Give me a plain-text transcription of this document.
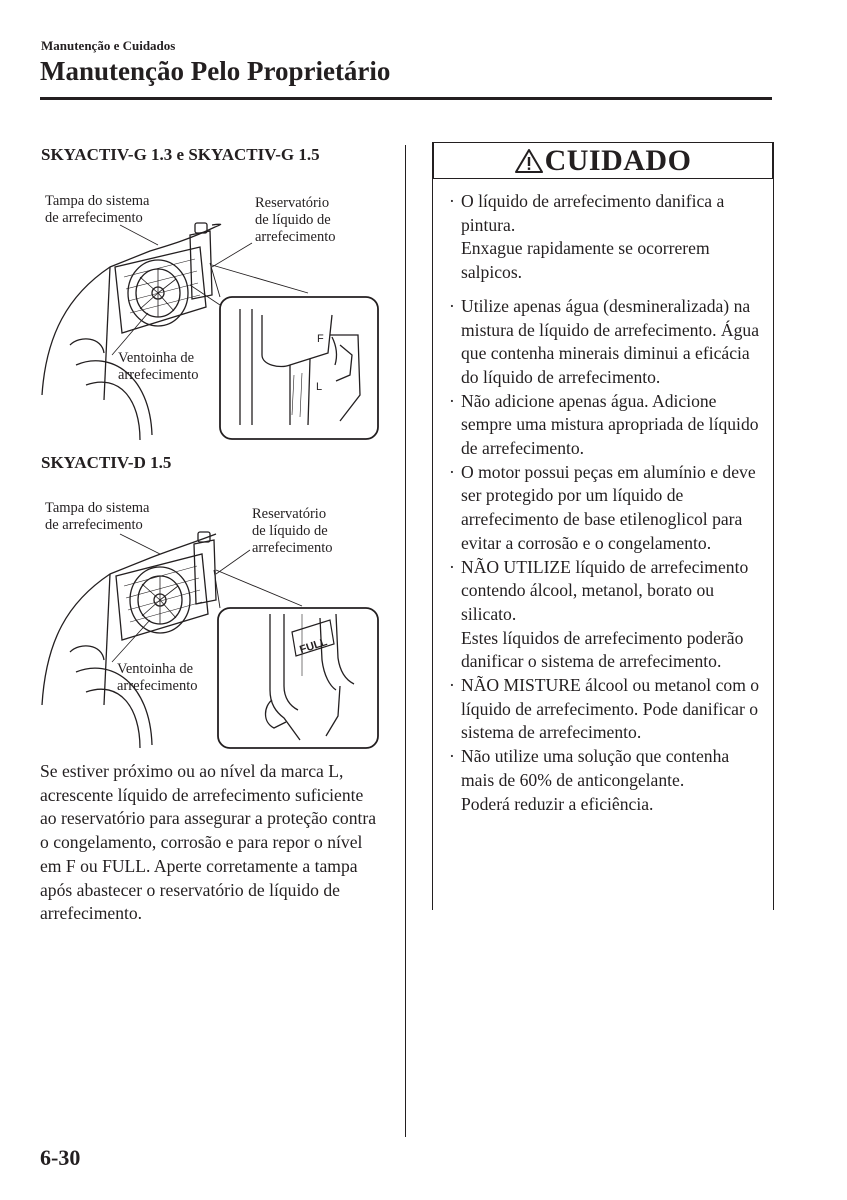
Manutenção e Cuidados
Manutenção Pelo Proprietário
SKYACTIV-G 1.3 e SKYACTIV-G 1.5
F
L
Tampa do sistema
de arrefecimento
Reservatório
de líquido de
arrefecimento
Ventoinha de
arrefecimento
SKYACTIV-D 1.5
FULL
Tampa do sistema
de arrefecimento
Reservatório
de líquido de
arrefecimento
Ventoinha de
arrefecimento

Se estiver próximo ou ao nível da marca L, acrescente líquido de arrefecimento suficiente ao reservatório para assegurar a proteção contra o congelamento, corrosão e para repor o nível em F ou FULL. Aperte corretamente a tampa após abastecer o reservatório de líquido de arrefecimento.

CUIDADO
· O líquido de arrefecimento danifica a pintura.
Enxague rapidamente se ocorrerem salpicos.
· Utilize apenas água (desmineralizada) na mistura de líquido de arrefecimento. Água que contenha minerais diminui a eficácia do líquido de arrefecimento.
· Não adicione apenas água. Adicione sempre uma mistura apropriada de líquido de arrefecimento.
· O motor possui peças em alumínio e deve ser protegido por um líquido de arrefecimento de base etilenoglicol para evitar a corrosão e o congelamento.
· NÃO UTILIZE líquido de arrefecimento contendo álcool, metanol, borato ou silicato.
Estes líquidos de arrefecimento poderão danificar o sistema de arrefecimento.
· NÃO MISTURE álcool ou metanol com o líquido de arrefecimento. Pode danificar o sistema de arrefecimento.
· Não utilize uma solução que contenha mais de 60% de anticongelante.
Poderá reduzir a eficiência.
6-30
